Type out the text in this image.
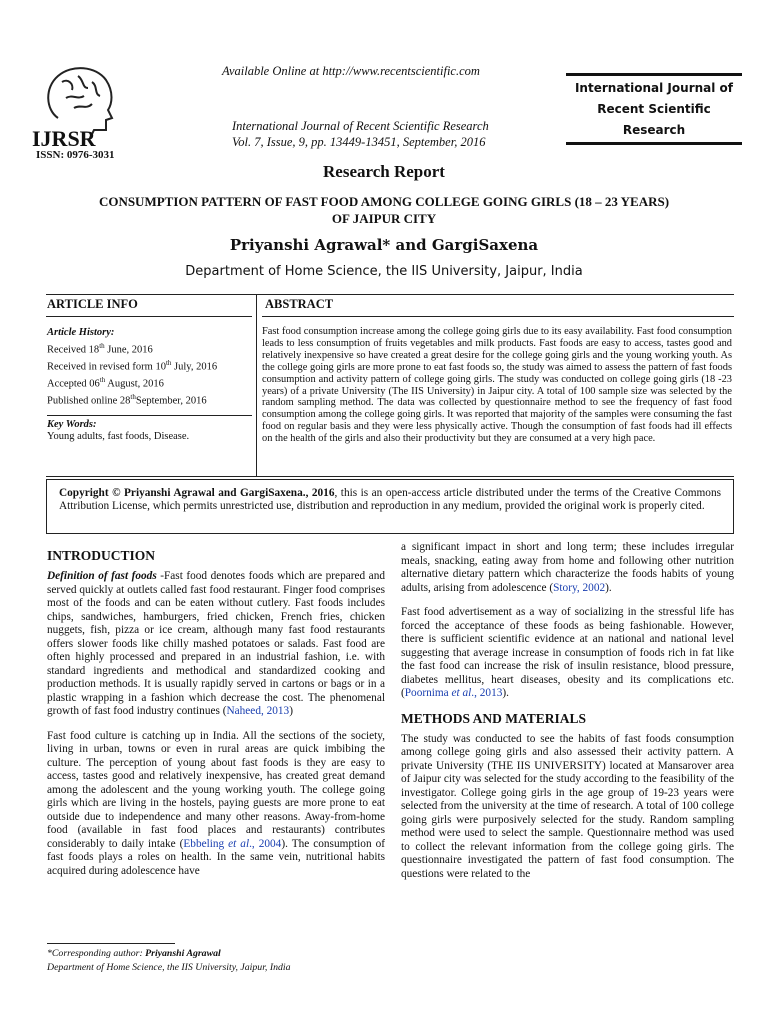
IJRSR
ISSN: 0976-3031
Available Online at http://www.recentscientific.com
International Journal of Recent Scientific Research
Vol. 7, Issue, 9, pp. 13449-13451, September, 2016
International Journal of
Recent Scientific
Research
Research Report
CONSUMPTION PATTERN OF FAST FOOD AMONG COLLEGE GOING GIRLS (18 – 23 YEARS)
OF JAIPUR CITY
Priyanshi Agrawal* and GargiSaxena
Department of Home Science, the IIS University, Jaipur, India
ARTICLE INFO	ABSTRACT
Article History:
Received 18th June, 2016
Received in revised form 10th July, 2016
Accepted 06th August, 2016
Published online 28thSeptember, 2016
Key Words:
Young adults, fast foods, Disease.
Fast food consumption increase among the college going girls due to its easy availability. Fast food consumption leads to less consumption of fruits vegetables and milk products. Fast foods are easy to access, tastes good and relatively inexpensive so have created a great desire for the college going girls and the young working youth. As the college going girls are more prone to eat fast foods so, the study was aimed to assess the pattern of fast foods consumption and activity pattern of college going girls. The study was conducted on college going girls (18 -23 years) of a private University (The IIS University) in Jaipur city. A total of 100 sample size was selected by the random sampling method. The data was collected by questionnaire method to see the frequency of fast food consumption among the college going girls. It was reported that majority of the samples were consuming the fast food on regular basis and they were less physically active. Though the consumption of fast foods had ill effects on the health of the girls and also their productivity but they are consumed at a very high pace.
Copyright © Priyanshi Agrawal and GargiSaxena., 2016, this is an open-access article distributed under the terms of the Creative Commons Attribution License, which permits unrestricted use, distribution and reproduction in any medium, provided the original work is properly cited.
INTRODUCTION
Definition of fast foods -Fast food denotes foods which are prepared and served quickly at outlets called fast food restaurant. Finger food comprises most of the foods and can be eaten without cutlery. Fast foods includes chips, sandwiches, hamburgers, fried chicken, French fries, chicken nuggets, fish, pizza or ice cream, although many fast food restaurants offers slower foods like chilly mashed potatoes or salads. Fast food are often highly processed and prepared in an industrial fashion, i.e. with standard ingredients and methodical and standardized cooking and production methods. It is usually rapidly served in cartons or bags or in a plastic wrapping in a fashion which decrease the cost. The phenomenal growth of fast food industry continues (Naheed, 2013)
Fast food culture is catching up in India. All the sections of the society, living in urban, towns or even in rural areas are quick imbibing the culture. The perception of young about fast foods is they are easy to access, tastes good and relatively inexpensive, has created great demand among the adolescent and the young working youth. The college going girls which are living in the hostels, paying guests are more prone to eat outside due to independence and many other reasons. Away-from-home food (available in fast food places and restaurants) contributes considerably to daily intake (Ebbeling et al., 2004). The consumption of fast foods plays a roles on health. In the same vein, nutritional habits acquired during adolescence have
a significant impact in short and long term; these includes irregular meals, snacking, eating away from home and following other nutrition alternative dietary pattern which characterize the foods habits of young adults, arising from adolescence (Story, 2002).
Fast food advertisement as a way of socializing in the stressful life has forced the acceptance of these foods as being fashionable. However, there is sufficient scientific evidence at an national and national level suggesting that average increase in consumption of foods rich in fat like the fast food can increase the risk of insulin resistance, blood pressure, diabetes mellitus, heart diseases, obesity and its complications etc. (Poornima et al., 2013).
METHODS AND MATERIALS
The study was conducted to see the habits of fast foods consumption among college going girls and also assessed their activity pattern. A private University (THE IIS UNIVERSITY) located at Mansarover area of Jaipur city was selected for the study according to the feasibility of the investigator. College going girls in the age group of 19-23 years were selected from the university at the time of research. A total of 100 college going girls were purposively selected for the study. Random sampling method were used to select the sample. Questionnaire method was used to collect the relevant information from the college going girls. The questionnaire investigated the pattern of fast food consumption. The questions were related to the
*Corresponding author: Priyanshi Agrawal
Department of Home Science, the IIS University, Jaipur, India
